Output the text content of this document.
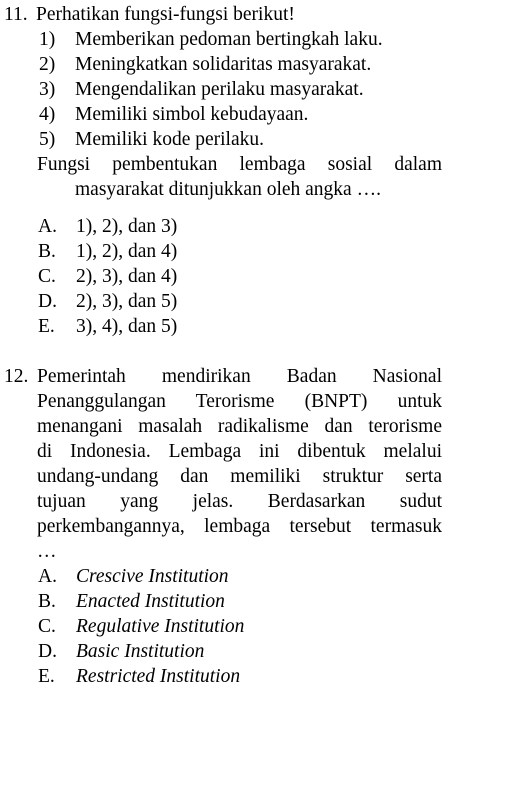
11. Perhatikan fungsi-fungsi berikut!
1) Memberikan pedoman bertingkah laku.
2) Meningkatkan solidaritas masyarakat.
3) Mengendalikan perilaku masyarakat.
4) Memiliki simbol kebudayaan.
5) Memiliki kode perilaku.
Fungsi pembentukan lembaga sosial dalam
masyarakat ditunjukkan oleh angka ….
A. 1), 2), dan 3)
B. 1), 2), dan 4)
C. 2), 3), dan 4)
D. 2), 3), dan 5)
E. 3), 4), dan 5)
12. Pemerintah mendirikan Badan Nasional
Penanggulangan Terorisme (BNPT) untuk
menangani masalah radikalisme dan terorisme
di Indonesia. Lembaga ini dibentuk melalui
undang-undang dan memiliki struktur serta
tujuan yang jelas. Berdasarkan sudut
perkembangannya, lembaga tersebut termasuk
…
A. Crescive Institution
B. Enacted Institution
C. Regulative Institution
D. Basic Institution
E. Restricted Institution
